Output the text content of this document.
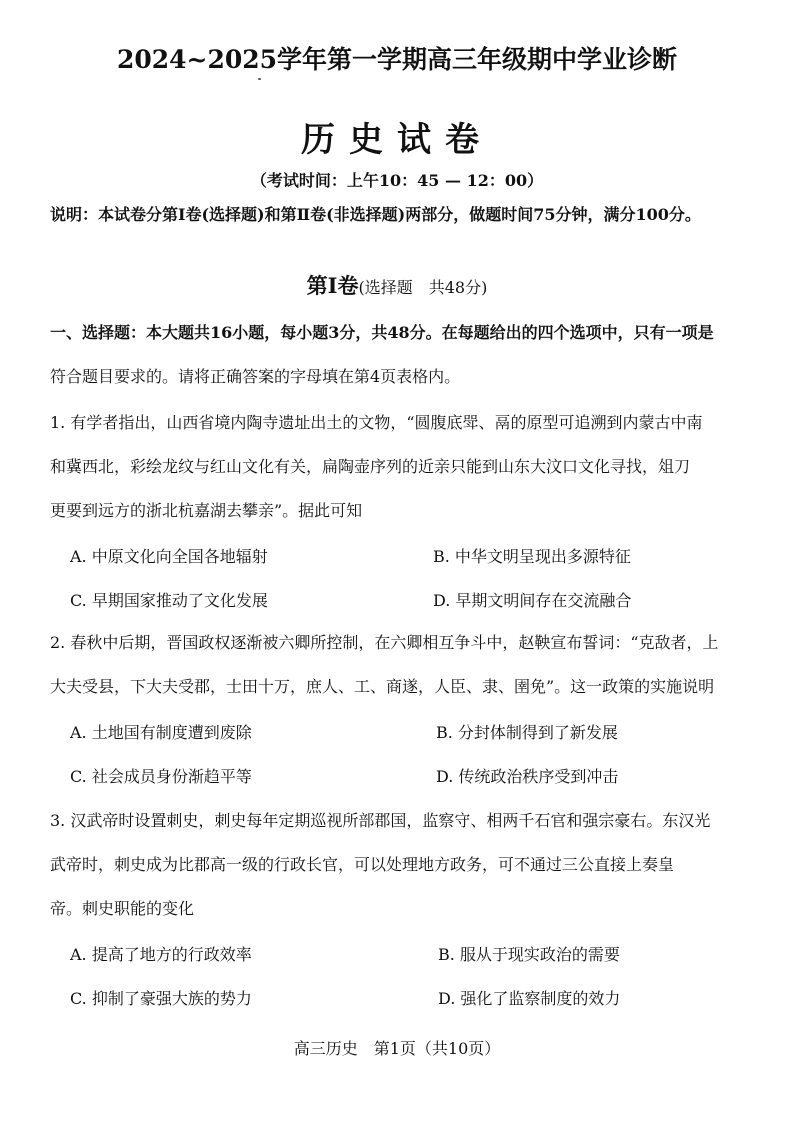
2024~2025学年第一学期高三年级期中学业诊断
历史试卷
（考试时间：上午10：45 — 12：00）
说明：本试卷分第Ⅰ卷(选择题)和第Ⅱ卷(非选择题)两部分，做题时间75分钟，满分100分。
第Ⅰ卷(选择题　共48分)
一、选择题：本大题共16小题，每小题3分，共48分。在每题给出的四个选项中，只有一项是
符合题目要求的。请将正确答案的字母填在第4页表格内。
1. 有学者指出，山西省境内陶寺遗址出土的文物，“圆腹底斝、鬲的原型可追溯到内蒙古中南
和冀西北，彩绘龙纹与红山文化有关，扁陶壶序列的近亲只能到山东大汶口文化寻找，俎刀
更要到远方的浙北杭嘉湖去攀亲”。据此可知
A. 中原文化向全国各地辐射	B. 中华文明呈现出多源特征
C. 早期国家推动了文化发展	D. 早期文明间存在交流融合
2. 春秋中后期，晋国政权逐渐被六卿所控制，在六卿相互争斗中，赵鞅宣布誓词：“克敌者，上
大夫受县，下大夫受郡，士田十万，庶人、工、商遂，人臣、隶、圉免”。这一政策的实施说明
A. 土地国有制度遭到废除	B. 分封体制得到了新发展
C. 社会成员身份渐趋平等	D. 传统政治秩序受到冲击
3. 汉武帝时设置刺史，刺史每年定期巡视所部郡国，监察守、相两千石官和强宗豪右。东汉光
武帝时，刺史成为比郡高一级的行政长官，可以处理地方政务，可不通过三公直接上奏皇
帝。刺史职能的变化
A. 提高了地方的行政效率	B. 服从于现实政治的需要
C. 抑制了豪强大族的势力	D. 强化了监察制度的效力
高三历史　第1页（共10页）
